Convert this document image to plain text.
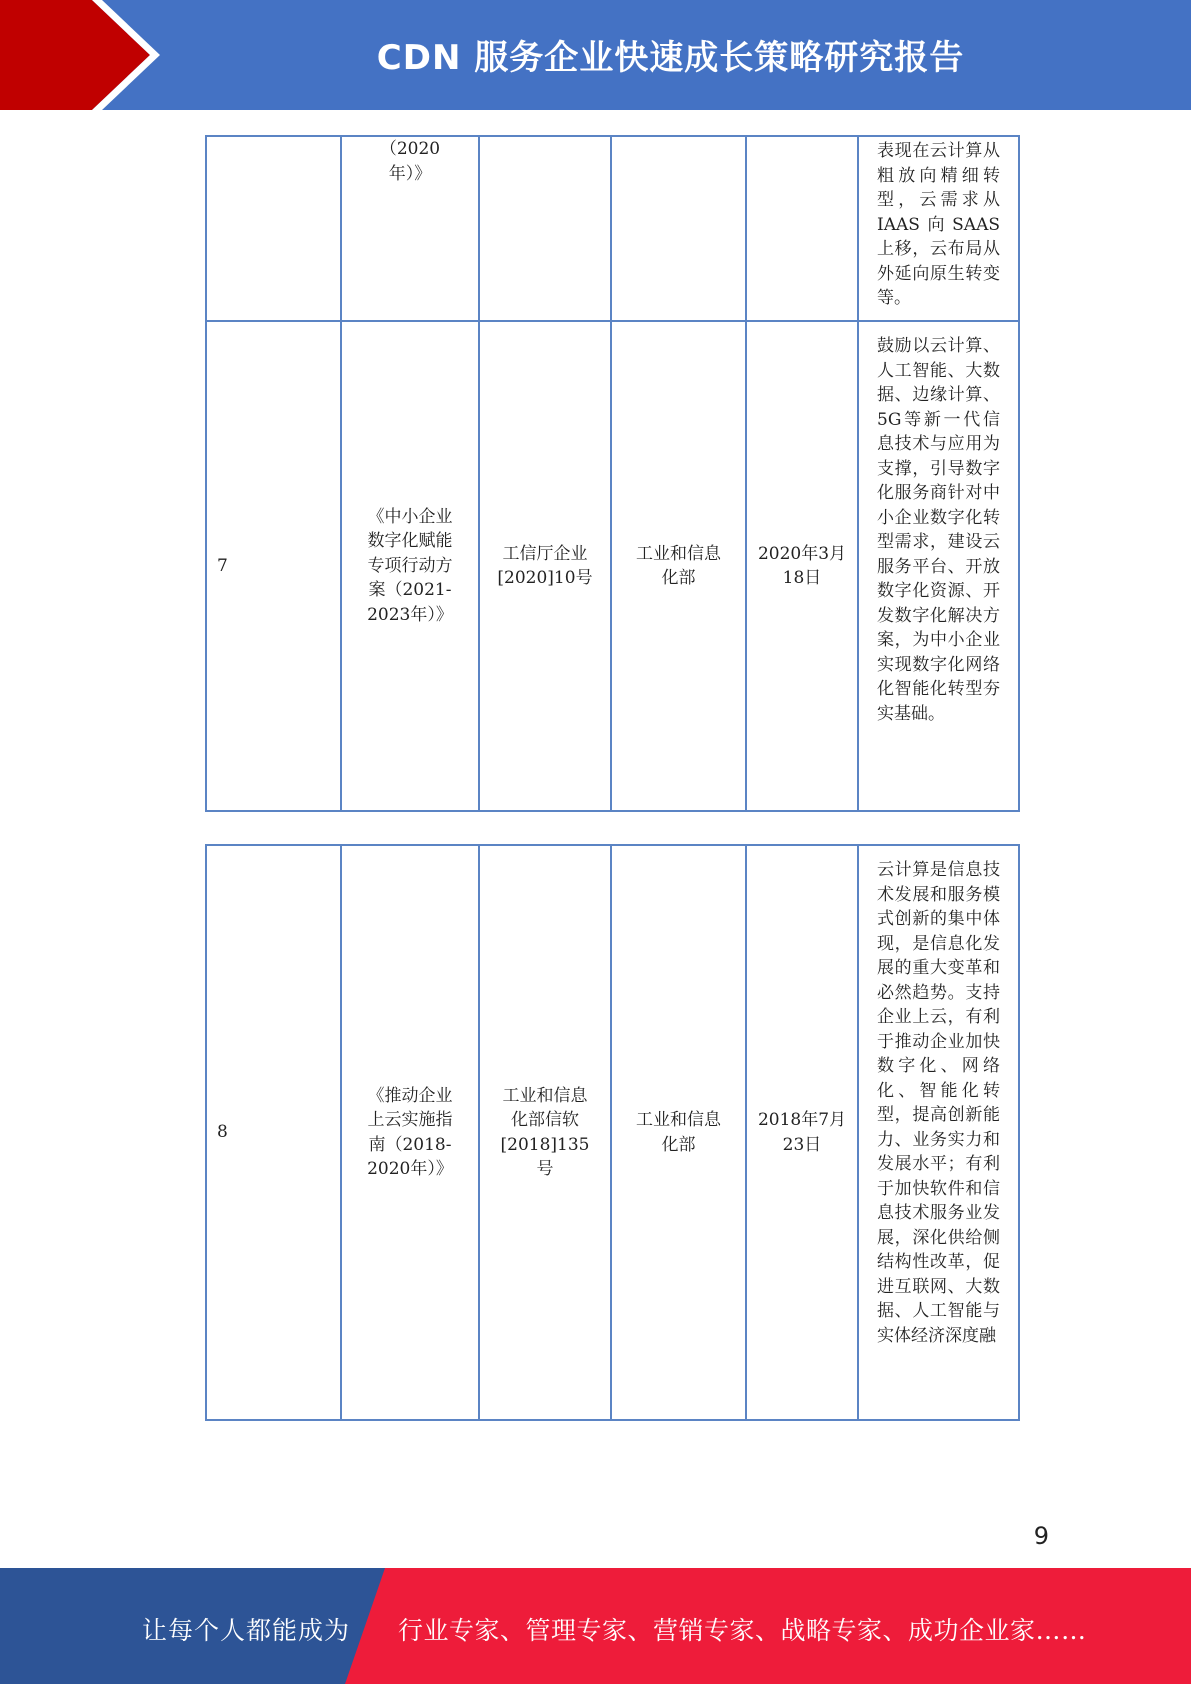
CDN 服务企业快速成长策略研究报告
	（2020年）》				表现在云计算从粗放向精细转型，云需求从IAAS向SAAS上移，云布局从外延向原生转变等。
7	《中小企业数字化赋能专项行动方案（2021-2023年）》	工信厅企业[2020]10号	工业和信息化部	2020年3月18日	鼓励以云计算、人工智能、大数据、边缘计算、5G等新一代信息技术与应用为支撑，引导数字化服务商针对中小企业数字化转型需求，建设云服务平台、开放数字化资源、开发数字化解决方案，为中小企业实现数字化网络化智能化转型夯实基础。
8	《推动企业上云实施指南（2018-2020年）》	工业和信息化部信软[2018]135号	工业和信息化部	2018年7月23日	云计算是信息技术发展和服务模式创新的集中体现，是信息化发展的重大变革和必然趋势。支持企业上云，有利于推动企业加快数字化、网络化、智能化转型，提高创新能力、业务实力和发展水平；有利于加快软件和信息技术服务业发展，深化供给侧结构性改革，促进互联网、大数据、人工智能与实体经济深度融
9
让每个人都能成为 行业专家、管理专家、营销专家、战略专家、成功企业家……
